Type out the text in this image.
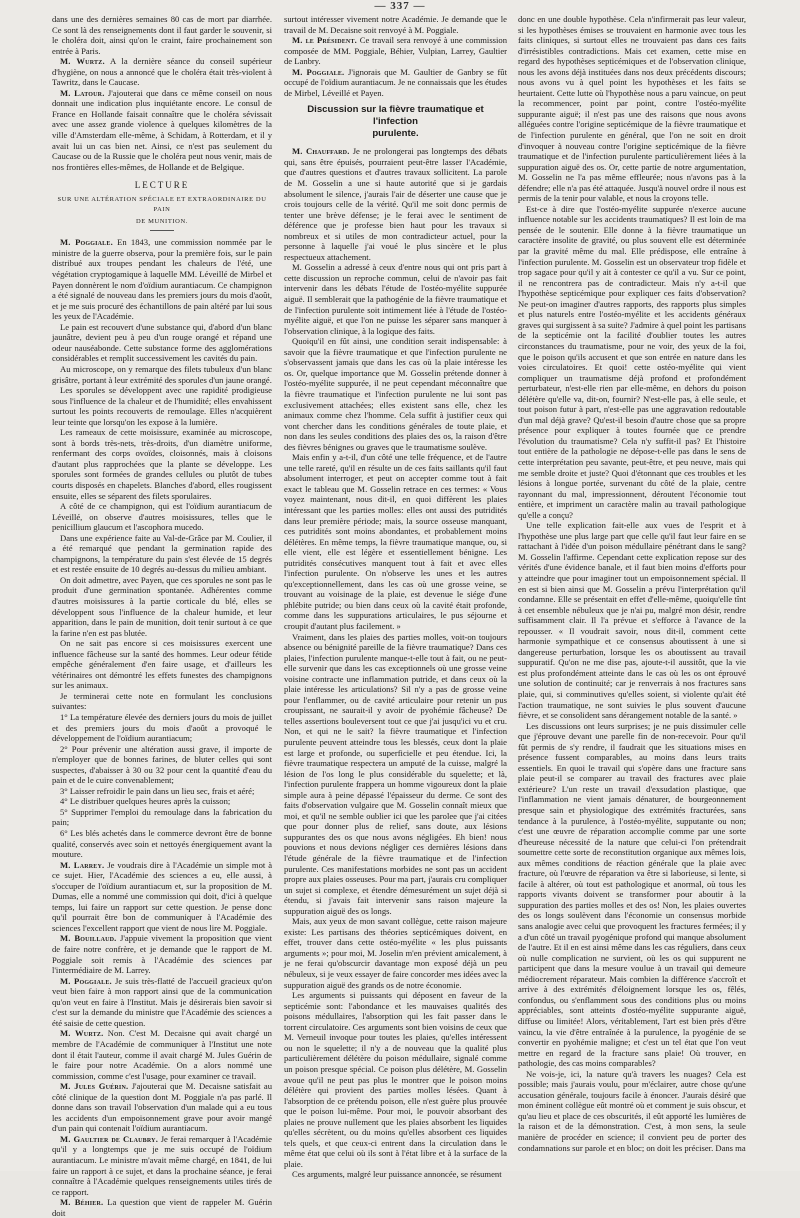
— 337 —

dans une des dernières semaines 80 cas de mort par diarrhée. Ce sont là des renseignements dont il faut garder le souvenir, si le choléra doit, ainsi qu'on le craint, faire prochainement son entrée à Paris.

M. Wurtz. A la dernière séance du conseil supérieur d'hygiène, on nous a annoncé que le choléra était très-violent à Tawritz, dans le Caucase.

M. Latour. J'ajouterai que dans ce même conseil on nous donnait une indication plus inquiétante encore. Le consul de France en Hollande faisait connaître que le choléra sévissait avec une assez grande violence à quelques kilomètres de la ville d'Amsterdam elle-même, à Schidam, à Rotterdam, et il y avait lui un cas bien net. Ainsi, ce n'est pas seulement du Caucase ou de la Russie que le choléra peut nous venir, mais de nos frontières elles-mêmes, de Hollande et de Belgique.

LECTURE
SUR UNE ALTÉRATION SPÉCIALE ET EXTRAORDINAIRE DU PAIN
DE MUNITION.

M. Poggiale. En 1843, une commission nommée par le ministre de la guerre observa, pour la première fois, sur le pain distribué aux troupes pendant les chaleurs de l'été, une végétation cryptogamique à laquelle MM. Léveillé de Mirbel et Payen donnèrent le nom d'oïdium aurantiacum. Ce champignon a été signalé de nouveau dans les premiers jours du mois d'août, et je me suis procuré des échantillons de pain altéré par lui sous les yeux de l'Académie.

Le pain est recouvert d'une substance qui, d'abord d'un blanc jaunâtre, devient peu à peu d'un rouge orangé et répand une odeur nauséabonde. Cette substance forme des agglomérations considérables et remplit successivement les cavités du pain.

Au microscope, on y remarque des filets tubuleux d'un blanc grisâtre, portant à leur extrémité des sporules d'un jaune orangé.

Les sporules se développent avec une rapidité prodigieuse sous l'influence de la chaleur et de l'humidité; elles envahissent surtout les points recouverts de remoulage. Elles n'acquièrent leur teinte que lorsqu'on les expose à la lumière.

Les rameaux de cette moisissure, examinée au microscope, sont à bords très-nets, très-droits, d'un diamètre uniforme, renfermant des corps ovoïdes, cloisonnés, mais à cloisons d'autant plus rapprochées que la plante se développe. Les sporules sont formées de grandes cellules ou plutôt de tubes courts disposés en chapelets. Blanches d'abord, elles rougissent ensuite, elles se séparent des filets sporulaires.

A côté de ce champignon, qui est l'oïdium aurantiacum de Léveillé, on observe d'autres moisissures, telles que le penicillium glaucum et l'ascophora mucedo.

Dans une expérience faite au Val-de-Grâce par M. Coulier, il a été remarqué que pendant la germination rapide des champignons, la température du pain s'est élevée de 15 degrés et est restée ensuite de 10 degrés au-dessus du milieu ambiant.

On doit admettre, avec Payen, que ces sporules ne sont pas le produit d'une germination spontanée. Adhérentes comme d'autres moisissures à la partie corticale du blé, elles se développent sous l'influence de la chaleur humide, et leur apparition, dans le pain de munition, doit tenir surtout à ce que la farine n'en est pas blutée.

On ne sait pas encore si ces moisissures exercent une influence fâcheuse sur la santé des hommes. Leur odeur fétide empêche généralement d'en faire usage, et d'ailleurs les vétérinaires ont démontré les effets funestes des champignons sur les animaux.

Je terminerai cette note en formulant les conclusions suivantes:

1° La température élevée des derniers jours du mois de juillet et des premiers jours du mois d'août a provoqué le développement de l'oïdium aurantiacum;

2° Pour prévenir une altération aussi grave, il importe de n'employer que de bonnes farines, de bluter celles qui sont suspectes, d'abaisser à 30 ou 32 pour cent la quantité d'eau du pain et de le cuire convenablement;

3° Laisser refroidir le pain dans un lieu sec, frais et aéré;

4° Le distribuer quelques heures après la cuisson;

5° Supprimer l'emploi du remoulage dans la fabrication du pain;

6° Les blés achetés dans le commerce devront être de bonne qualité, conservés avec soin et nettoyés énergiquement avant la mouture.

M. Larrey. Je voudrais dire à l'Académie un simple mot à ce sujet. Hier, l'Académie des sciences a eu, elle aussi, à s'occuper de l'oïdium aurantiacum et, sur la proposition de M. Dumas, elle a nommé une commission qui doit, d'ici à quelque temps, lui faire un rapport sur cette question. Je pense donc qu'il pourrait être bon de communiquer à l'Académie des sciences l'excellent rapport que vient de nous lire M. Poggiale.

M. Bouillaud. J'appuie vivement la proposition que vient de faire notre confrère, et je demande que le rapport de M. Poggiale soit remis à l'Académie des sciences par l'intermédiaire de M. Larrey.

M. Poggiale. Je suis très-flatté de l'accueil gracieux qu'on veut bien faire à mon rapport ainsi que de la communication qu'on veut en faire à l'Institut. Mais je désirerais bien savoir si c'est sur la demande du ministre que l'Académie des sciences a été saisie de cette question.

M. Wurtz. Non. C'est M. Decaisne qui avait chargé un membre de l'Académie de communiquer à l'Institut une note dont il était l'auteur, comme il avait chargé M. Jules Guérin de le faire pour notre Académie. On a alors nommé une commission, comme c'est l'usage, pour examiner ce travail.

M. Jules Guérin. J'ajouterai que M. Decaisne satisfait au côté clinique de la question dont M. Poggiale n'a pas parlé. Il donne dans son travail l'observation d'un malade qui a eu tous les accidents d'un empoisonnement grave pour avoir mangé d'un pain qui contenait l'oïdium aurantiacum.

M. Gaultier de Claubry. Je ferai remarquer à l'Académie qu'il y a longtemps que je me suis occupé de l'oïdium aurantiacum. Le ministre m'avait même chargé, en 1841, de lui faire un rapport à ce sujet, et dans la prochaine séance, je ferai connaître à l'Académie quelques renseignements utiles tirés de ce rapport.

M. Béhier. La question que vient de rappeler M. Guérin doit

surtout intéresser vivement notre Académie. Je demande que le travail de M. Decaisne soit renvoyé à M. Poggiale.

M. le Président. Ce travail sera renvoyé à une commission composée de MM. Poggiale, Béhier, Vulpian, Larrey, Gaultier de Lanbry.

M. Poggiale. J'ignorais que M. Gaultier de Ganbry se fût occupé de l'oïdium aurantiacum. Je ne connaissais que les études de Mirbel, Léveillé et Payen.

Discussion sur la fièvre traumatique et l'infection
purulente.

M. Chauffard. Je ne prolongerai pas longtemps des débats qui, sans être épuisés, pourraient peut-être lasser l'Académie, que d'autres questions et d'autres travaux sollicitent. La parole de M. Gosselin a une si haute autorité que si je gardais absolument le silence, j'aurais l'air de déserter une cause que je crois toujours celle de la vérité. Qu'il me soit donc permis de tenter une brève défense; je le ferai avec le sentiment de déférence que je professe bien haut pour les travaux si nombreux et si utiles de mon contradicteur actuel, pour la personne à laquelle j'ai voué le plus sincère et le plus respectueux attachement.

M. Gosselin a adressé à ceux d'entre nous qui ont pris part à cette discussion un reproche commun, celui de n'avoir pas fait intervenir dans les débats l'étude de l'ostéo-myélite suppurée aiguë. Il semblerait que la pathogénie de la fièvre traumatique et de l'infection purulente soit intimement liée à l'étude de l'ostéo-myélite aiguë, et que l'on ne puisse les séparer sans manquer à l'observation clinique, à la logique des faits.

Quoiqu'il en fût ainsi, une condition serait indispensable: à savoir que la fièvre traumatique et que l'infection purulente ne s'observassent jamais que dans les cas où la plaie intéresse les os. Or, quelque importance que M. Gosselin prétende donner à l'ostéo-myélite suppurée, il ne peut cependant méconnaître que la fièvre traumatique et l'infection purulente ne lui sont pas exclusivement attachées; elles existent sans elle, chez les animaux comme chez l'homme. Cela suffit à justifier ceux qui vont chercher dans les conditions générales de toute plaie, et non dans les seules conditions des plaies des os, la raison d'être des fièvres bénignes ou graves que le traumatisme soulève.

Mais enfin y a-t-il, d'un côté une telle fréquence, et de l'autre une telle rareté, qu'il en résulte un de ces faits saillants qu'il faut absolument interroger, et peut on accepter comme tout à fait exact le tableau que M. Gosselin retrace en ces termes: « Vous voyez maintenant, nous dit-il, en quoi diffèrent les plaies intéressant que les parties molles: elles ont aussi des putridités dans leur première période; mais, la source osseuse manquant, ces putridités sont moins abondantes, et probablement moins délétères. En même temps, la fièvre traumatique manque, ou, si elle vient, elle est légère et essentiellement bénigne. Les putridités consécutives manquent tout à fait et avec elles l'infection purulente. On n'observe les unes et les autres qu'exceptionnellement, dans les cas où une grosse veine, se trouvant au voisinage de la plaie, est devenue le siége d'une phlébite putride; ou bien dans ceux où la cavité était profonde, comme dans les suppurations articulaires, le pus séjourne et croupit d'autant plus facilement. »

Vraiment, dans les plaies des parties molles, voit-on toujours absence ou bénignité pareille de la fièvre traumatique? Dans ces plaies, l'infection purulente manque-t-elle tout à fait, ou ne peut-elle survenir que dans les cas exceptionnels où une grosse veine voisine contracte une inflammation putride, et dans ceux où la plaie intéresse les articulations? Sil n'y a pas de grosse veine pour l'enflammer, ou de cavité articulaire pour retenir un pus croupissant, ne saurait-il y avoir de pyohémie fâcheuse? De telles assertions bouleversent tout ce que j'ai jusqu'ici vu et cru. Non, et qui ne le sait? la fièvre traumatique et l'infection purulente peuvent atteindre tous les blessés, ceux dont la plaie est large et profonde, ou superficielle et peu étendue. Ici, la fièvre traumatique respectera un amputé de la cuisse, malgré la lésion de l'os long le plus considérable du squelette; et là, l'infection purulente frappera un homme vigoureux dont la plaie simple aura à peine dépassé l'épaisseur du derme. Ce sont des faits d'observation vulgaire que M. Gosselin connaît mieux que moi, et qu'il ne semble oublier ici que les parolee que j'ai citées que pour donner plus de relief, sans doute, aux lésions suppurantes des os que nous avons négligées. Eh bien! nous pouvions et nous devions négliger ces dernières lésions dans l'étude générale de la fièvre traumatique et de l'infection purulente. Ces manifestations morbides ne sont pas un accident propre aux plaies osseuses. Pour ma part, j'aurais cru compliquer un sujet si complexe, et étendre démesurément un sujet déjà si étendu, si j'avais fait intervenir sans raison majeure la suppuration aiguë des os longs.

Mais, aux yeux de mon savant collègue, cette raison majeure existe: Les partisans des théories septicémiques doivent, en effet, trouver dans cette ostéo-myélite « les plus puissants arguments »; pour moi, M. Joselin m'en prévient amicalement, à je ne ferai qu'obscurcir davantage mon exposé déjà un peu nébuleux, si je veux essayer de faire concorder mes idées avec la suppuration aiguë des grands os de notre économie.

Les arguments si puissants qui déposent en faveur de la septicémie sont: l'abondance et les mauvaises qualités des poisons médullaires, l'absorption qui les fait passer dans le torrent circulatoire. Ces arguments sont bien voisins de ceux que M. Verneuil invoque pour toutes les plaies, qu'elles intéressent ou non le squelette; il n'y a de nouveau que la qualité plus particulièrement délétère du poison médullaire, signalé comme un poison presque spécial. Ce poison plus délétère, M. Gosselin avoue qu'il ne peut pas plus le montrer que le poison moins délétère qui provient des parties molles lésées. Quant à l'absorption de ce prétendu poison, elle n'est guère plus prouvée que le poison lui-même. Pour moi, le pouvoir absorbant des plaies ne prouve nullement que les plaies absorbent les liquides qu'elles sécrètent, ou du moins qu'elles absorbent ces liquides tels quels, et que ceux-ci entrent dans la circulation dans le même état que celui où ils sont à l'état libre et à la surface de la plaie.

Ces arguments, malgré leur puissance annoncée, se résument

donc en une double hypothèse. Cela n'infirmerait pas leur valeur, si les hypothèses émises se trouvaient en harmonie avec tous les faits cliniques, si surtout elles ne trouvaient pas dans ces faits d'irrésistibles contradictions. Mais cet examen, cette mise en regard des hypothèses septicémiques et de l'observation clinique, nous les avons déjà instituées dans nos deux précédents discours; nous avons vu à quel point les hypothèses et les faits se heurtaient. Cette lutte où l'hypothèse nous a paru vaincue, on peut la recommencer, point par point, contre l'ostéo-myélite suppurante aiguë; il n'est pas une des raisons que nous avons alléguées contre l'origine septicémique de la fièvre traumatique et de l'infection purulente en général, que l'on ne soit en droit d'invoquer à nouveau contre l'origine septicémique de la fièvre traumatique et de l'infection purulente particulièrement liées à la suppuration aiguë des os. Or, cette partie de notre argumentation, M. Gosselin ne l'a pas même effleurée; nous n'avons pas à la défendre; elle n'a pas été attaquée. Jusqu'à nouvel ordre il nous est permis de la tenir pour valable, et nous la croyons telle.

Est-ce à dire que l'ostéo-myélite suppurée n'exerce aucune influence notable sur les accidents traumatiques? Il est loin de ma pensée de le soutenir. Elle donne à la fièvre traumatique un caractère insolite de gravité, ou plus souvent elle est déterminée par la gravité même du mal. Elle prédispose, elle entraîne à l'infection purulente. M. Gosselin est un observateur trop fidèle et trop sagace pour qu'il y ait à contester ce qu'il a vu. Sur ce point, il ne rencontrera pas de contradicteur. Mais n'y a-t-il que l'hypothèse septicémique pour expliquer ces faits d'observation? Ne peut-on imaginer d'autres rapports, des rapports plus simples et plus naturels entre l'ostéo-myélite et les accidents généraux graves qui surgissent à sa suite? J'admire à quel point les partisans de la septicémie ont la facilité d'oublier toutes les autres circonstances du traumatisme, pour ne voir, des yeux de la foi, que le poison qu'ils accusent et que son entrée en nature dans les voies circulatoires. Et quoi! cette ostéo-myélite qui vient compliquer un traumatisme déjà profond et profondément perturbateur, n'est-elle rien par elle-même, en dehors du poison délétère qu'elle va, dit-on, fournir? N'est-elle pas, à elle seule, et tout poison futur à part, n'est-elle pas une aggravation redoutable d'un mal déjà grave? Qu'est-il besoin d'autre chose que sa propre présence pour expliquer à toutes fournée que ce prendre l'évolution du traumatisme? Cela n'y suffit-il pas? Et l'histoire tout entière de la pathologie ne dépose-t-elle pas dans le sens de cette interprétation peu savante, peut-être, et peu neuve, mais qui me semble droite et juste? Quoi d'étonnant que ces troubles et les lésions à longue portée, survenant du côté de la plaie, centre rayonnant du mal, impressionnent, déroutent l'économie tout entière, et impriment un caractère malin au travail pathologique qu'elle a conçu?

Une telle explication fait-elle aux vues de l'esprit et à l'hypothèse une plus large part que celle qu'il faut leur faire en se rattachant à l'idée d'un poison médullaire pénétrant dans le sang? M. Gosselin l'affirme. Cependant cette explication repose sur des vérités d'une évidence banale, et il faut bien moins d'efforts pour y atteindre que pour imaginer tout un empoisonnement spécial. Il en est si bien ainsi que M. Gosselin a prévu l'interprétation qu'il condamne. Elle se présentait en effet d'elle-même, quoiqu'elle tînt à cet ensemble nébuleux que je n'ai pu, malgré mon désir, rendre suffisamment clair. Il l'a prévue et s'efforce à l'avance de la repousser. « Il voudrait savoir, nous dit-il, comment cette harmonie sympathique et ce consensus aboutissent à une si dangereuse perturbation, lorsque les os aboutissent au travail suppuratif. Qu'on ne me dise pas, ajoute-t-il aussitôt, que la vie est plus profondément atteinte dans le cas où les os ont éprouvé une solution de continuité; car je renverrais à nos fractures sans plaie, qui, si comminutives qu'elles soient, si violente qu'ait été l'action traumatique, ne sont suivies le plus souvent d'aucune fièvre, et se consolident sans dérangement notable de la santé. »

Les discussions ont leurs surprises; je ne puis dissimuler celle que j'éprouve devant une parelle fin de non-recevoir. Pour qu'il fût permis de s'y rendre, il faudrait que les situations mises en présence fussent comparables, au moins dans leurs traits essentiels. En quoi le travail qui s'opère dans une fracture sans plaie peut-il se comparer au travail des fractures avec plaie extérieure? L'un reste un travail d'exsudation plastique, que l'inflammation ne vient jamais dénaturer, de bourgeonnement presque sain et physiologique des extrémités fracturées, sans tendance à la purulence, à l'ostéo-myélite, supputante ou non; c'est une œuvre de réparation accomplie comme par une sorte d'heureuse nécessité de la nature que celui-ci l'on prétendrait soumettre cette sorte de reconstitution organique aux mêmes lois, aux mêmes conditions de réaction générale que la plaie avec fracture, où l'œuvre de réparation va être si laborieuse, si lente, si facile à altérer, où tout est pathologique et anormal, où tous les rapports vivants doivent se transformer pour aboutir à la suppuration des parties molles et des os! Non, les plaies ouvertes des os longs soulèvent dans l'économie un consensus morbide sans analogie avec celui que provoquent les fractures fermées; il y a d'un côté un travail pyogénique profond qui manque absolument de l'autre. Et il en est ainsi même dans les cas réguliers, dans ceux où nulle complication ne survient, où les os qui suppurent ne participent que dans la mesure voulue à un travail qui demeure médiocrement réparateur. Mais combien la différence s'accroît et arrive à des extrémités d'éloignement lorsque les os, fêlés, confondus, ou s'enflamment sous des conditions plus ou moins appréciables, sont atteints d'ostéo-myélite suppurante aiguë, diffuse ou limitée! Alors, véritablement, l'art est bien près d'être vaincu, la vie d'être entraînée à la purulence, la pyogénie de se convertir en pyohémie maligne; et c'est un tel état que l'on veut mettre en regard de la fracture sans plaie! Où trouver, en pathologie, des cas moins comparables?

Ne vois-je, ici, la nature qu'à travers les nuages? Cela est possible; mais j'aurais voulu, pour m'éclairer, autre chose qu'une accusation générale, toujours facile à énoncer. J'aurais désiré que mon éminent collègue eût montré où et comment je suis obscur, et qu'au lieu et place de ces obscurités, il eût apporté les lumières de la raison et de la démonstration. C'est, à mon sens, la seule manière de procéder en science; il convient peu de porter des condamnations sur parole et en bloc; on doit les préciser. Dans ma
